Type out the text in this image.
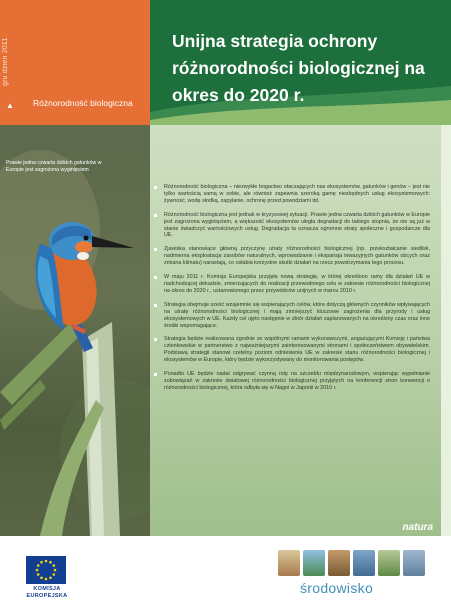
gru dzień 2011
▲ Różnorodność biologiczna
Unijna strategia ochrony różnorodności biologicznej na okres do 2020 r.
Prawie jedna czwarta dzikich gatunków w Europie jest zagrożona wyginięciem
Różnorodność biologiczna – niezwykłe bogactwo otaczających nas ekosystemów, gatunków i genów – jest nie tylko wartością samą w sobie, ale również zapewnia szeroką gamę niezbędnych usług ekosystemowych: żywność, wodę słodką, zapylanie, ochronę przed powodziami itd.
Różnorodność biologiczna jest jednak w kryzysowej sytuacji. Prawie jedna czwarta dzikich gatunków w Europie jest zagrożona wyginięciem, a większość ekosystemów uległa degradacji do takiego stopnia, że nie są już w stanie świadczyć wartościowych usług. Degradacja ta oznacza ogromne straty społeczne i gospodarcze dla UE.
Zjawiska stanowiące główną przyczynę utraty różnorodności biologicznej (np. przekształcanie siedlisk, nadmierna eksploatacja zasobów naturalnych, wprowadzanie i ekspansja inwazyjnych gatunków obcych oraz zmiana klimatu) narastają, co osłabia korzystne skutki działań na rzecz powstrzymania tego procesu.
W maju 2011 r. Komisja Europejska przyjęła nową strategię, w której określono ramy dla działań UE w nadchodzącej dekadzie, zmierzających do realizacji przewodniego celu w zakresie różnorodności biologicznej na okres do 2020 r., ustanowionego przez przywódców unijnych w marcu 2010 r.
Strategia obejmuje sześć wzajemnie się wspierających celów, które dotyczą głównych czynników wpływających na utratę różnorodności biologicznej i mają zmniejszyć kluczowe zagrożenia dla przyrody i usług ekosystemowych w UE. Każdy cel ujęto następnie w zbiór działań zaplanowanych na określony czas oraz inne środki wspomagające.
Strategia będzie realizowana zgodnie ze wspólnymi ramami wykonawczymi, angażującymi Komisję i państwa członkowskie w partnerstwo z najważniejszymi zainteresowanymi stronami i społeczeństwem obywatelskim. Podstawą strategii stanowi rzetelny poziom odniesienia UE w zakresie stanu różnorodności biologicznej i ekosystemów w Europie, który będzie wykorzystywany do monitorowania postępów.
Ponadto UE będzie nadal odgrywać czynną rolę na szczeblu międzynarodowym, wspierając wypełnianie zobowiązań w zakresie światowej różnorodności biologicznej przyjętych na konferencji stron konwencji o różnorodności biologicznej, która odbyła się w Nagoi w Japonii w 2010 r.
natura
KOMISJA EUROPEJSKA	środowisko
